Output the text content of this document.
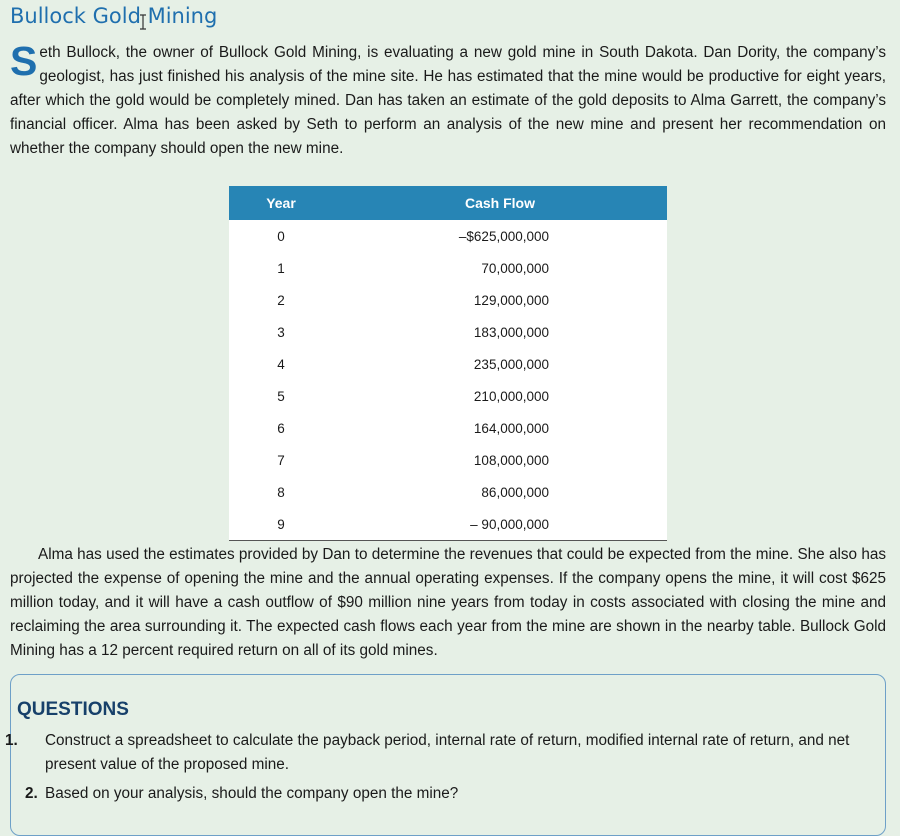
Bullock Gold Mining

Seth Bullock, the owner of Bullock Gold Mining, is evaluating a new gold mine in South Dakota. Dan Dority, the company’s geologist, has just finished his analysis of the mine site. He has estimated that the mine would be productive for eight years, after which the gold would be completely mined. Dan has taken an estimate of the gold deposits to Alma Garrett, the company’s financial officer. Alma has been asked by Seth to perform an analysis of the new mine and present her recommendation on whether the company should open the new mine.

Year	Cash Flow
0	–$625,000,000
1	70,000,000
2	129,000,000
3	183,000,000
4	235,000,000
5	210,000,000
6	164,000,000
7	108,000,000
8	86,000,000
9	– 90,000,000

Alma has used the estimates provided by Dan to determine the revenues that could be expected from the mine. She also has projected the expense of opening the mine and the annual operating expenses. If the company opens the mine, it will cost $625 million today, and it will have a cash outflow of $90 million nine years from today in costs associated with closing the mine and reclaiming the area surrounding it. The expected cash flows each year from the mine are shown in the nearby table. Bullock Gold Mining has a 12 percent required return on all of its gold mines.

QUESTIONS
1. Construct a spreadsheet to calculate the payback period, internal rate of return, modified internal rate of return, and net present value of the proposed mine.
2. Based on your analysis, should the company open the mine?
